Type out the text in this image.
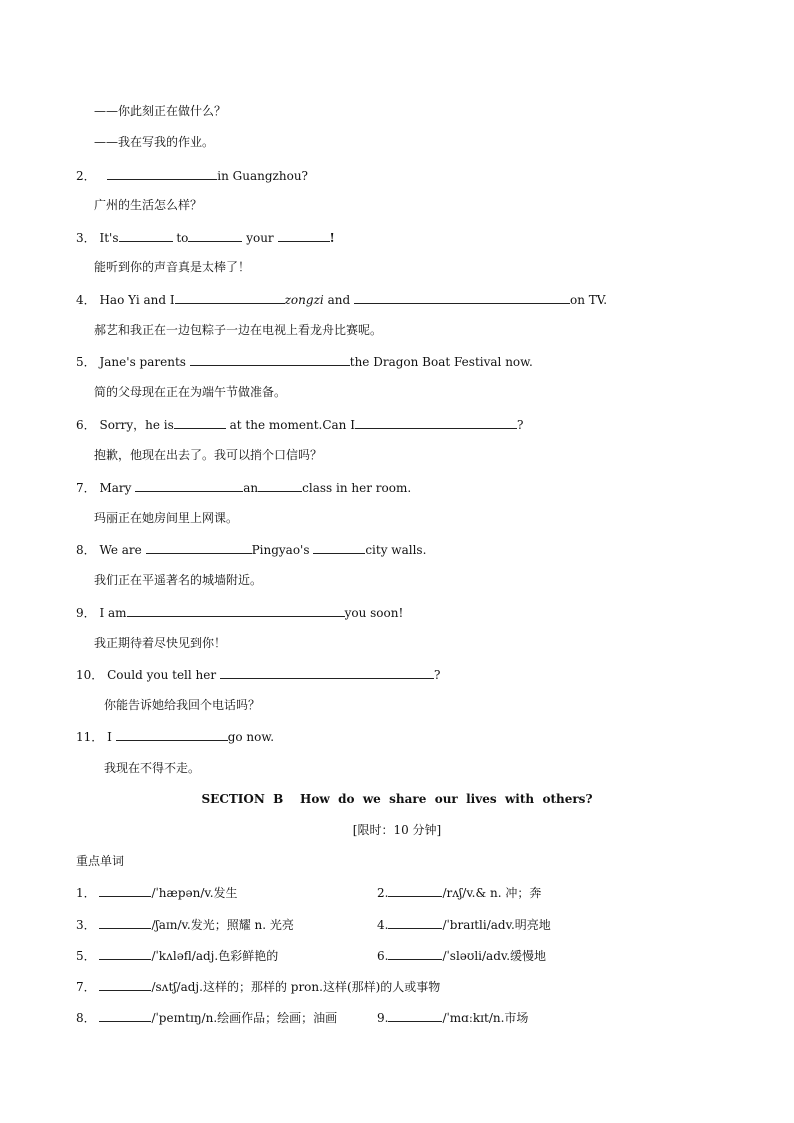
——你此刻正在做什么？
——我在写我的作业。
2．	in Guangzhou?
广州的生活怎么样？
3． It's	to	your	!
能听到你的声音真是太棒了！
4． Hao Yi and I	zongzi and	on TV.
郝艺和我正在一边包粽子一边在电视上看龙舟比赛呢。
5． Jane's parents	the Dragon Boat Festival now.
简的父母现在正在为端午节做准备。
6． Sorry，he is	at the moment.Can I	?
抱歉，他现在出去了。我可以捎个口信吗？
7． Mary	an	class in her room.
玛丽正在她房间里上网课。
8． We are	Pingyao's	city walls.
我们正在平遥著名的城墙附近。
9． I am	you soon!
我正期待着尽快见到你！
10． Could you tell her	?
你能告诉她给我回个电话吗？
11． I	go now.
我现在不得不走。
SECTION  B    How  do  we  share  our  lives  with  others?
[限时：10 分钟]
重点单词
1．	/ˈhæpən/v.发生	2.	/rʌʃ/v.& n. 冲；奔
3．	/ʃaɪn/v.发光；照耀 n. 光亮	4.	/ˈbraɪtli/adv.明亮地
5．	/ˈkʌləfl/adj.色彩鲜艳的	6.	/ˈsləʊli/adv.缓慢地
7．	/sʌtʃ/adj.这样的；那样的 pron.这样(那样)的人或事物
8．	/ˈpeɪntɪŋ/n.绘画作品；绘画；油画	9.	/ˈmɑːkɪt/n.市场
